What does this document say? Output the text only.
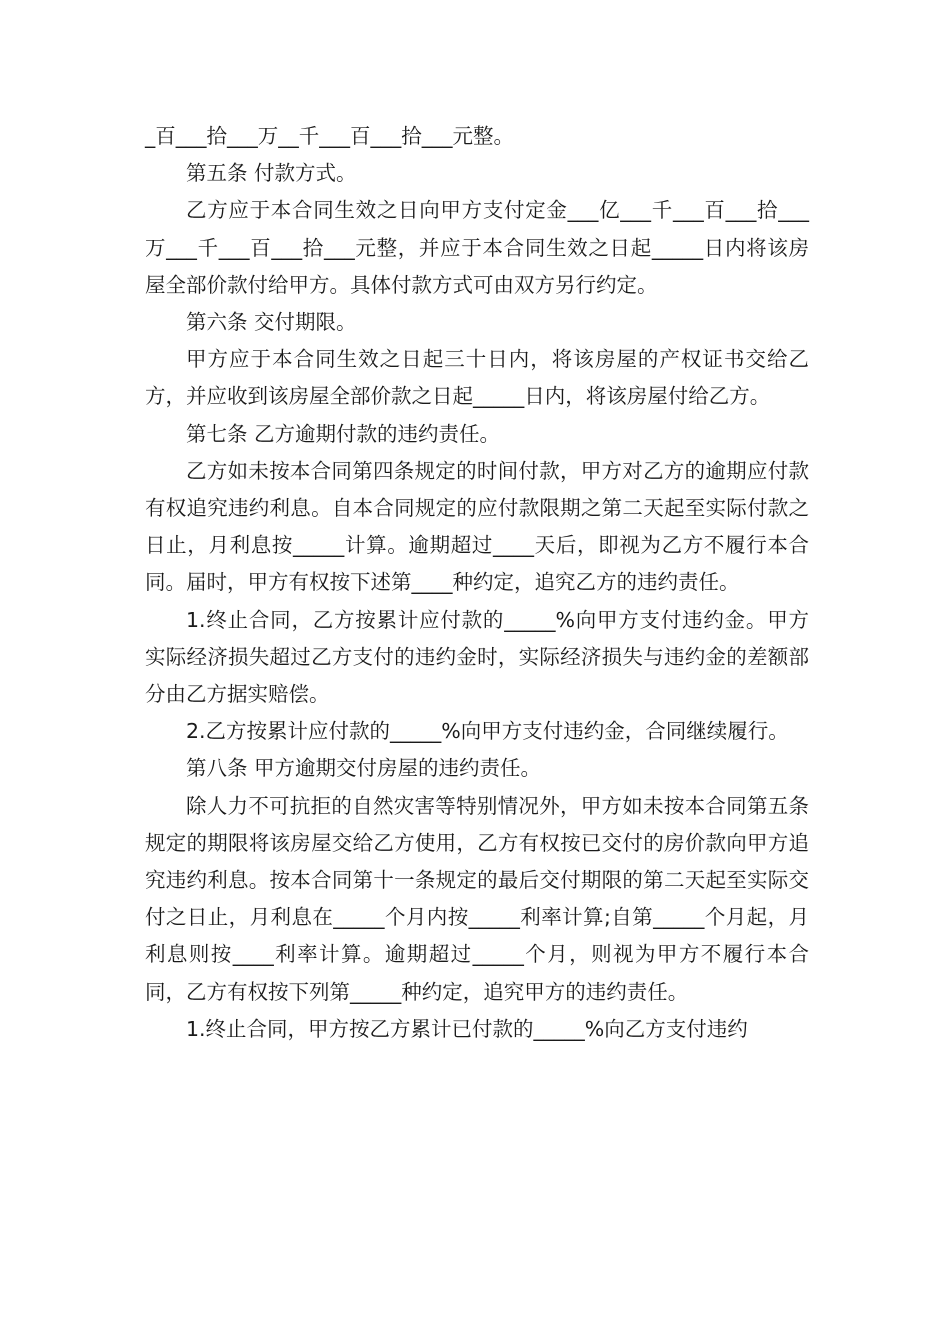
_百___拾___万__千___百___拾___元整。

第五条 付款方式。

乙方应于本合同生效之日向甲方支付定金___亿___千___百___拾___万___千___百___拾___元整，并应于本合同生效之日起_____日内将该房屋全部价款付给甲方。具体付款方式可由双方另行约定。

第六条 交付期限。

甲方应于本合同生效之日起三十日内，将该房屋的产权证书交给乙方，并应收到该房屋全部价款之日起_____日内，将该房屋付给乙方。

第七条 乙方逾期付款的违约责任。

乙方如未按本合同第四条规定的时间付款，甲方对乙方的逾期应付款有权追究违约利息。自本合同规定的应付款限期之第二天起至实际付款之日止，月利息按_____计算。逾期超过____天后，即视为乙方不履行本合同。届时，甲方有权按下述第____种约定，追究乙方的违约责任。

1.终止合同，乙方按累计应付款的_____%向甲方支付违约金。甲方实际经济损失超过乙方支付的违约金时，实际经济损失与违约金的差额部分由乙方据实赔偿。

2.乙方按累计应付款的_____%向甲方支付违约金，合同继续履行。

第八条 甲方逾期交付房屋的违约责任。

除人力不可抗拒的自然灾害等特别情况外，甲方如未按本合同第五条规定的期限将该房屋交给乙方使用，乙方有权按已交付的房价款向甲方追究违约利息。按本合同第十一条规定的最后交付期限的第二天起至实际交付之日止，月利息在_____个月内按_____利率计算;自第_____个月起，月利息则按____利率计算。逾期超过_____个月，则视为甲方不履行本合同，乙方有权按下列第_____种约定，追究甲方的违约责任。

1.终止合同，甲方按乙方累计已付款的_____%向乙方支付违约
